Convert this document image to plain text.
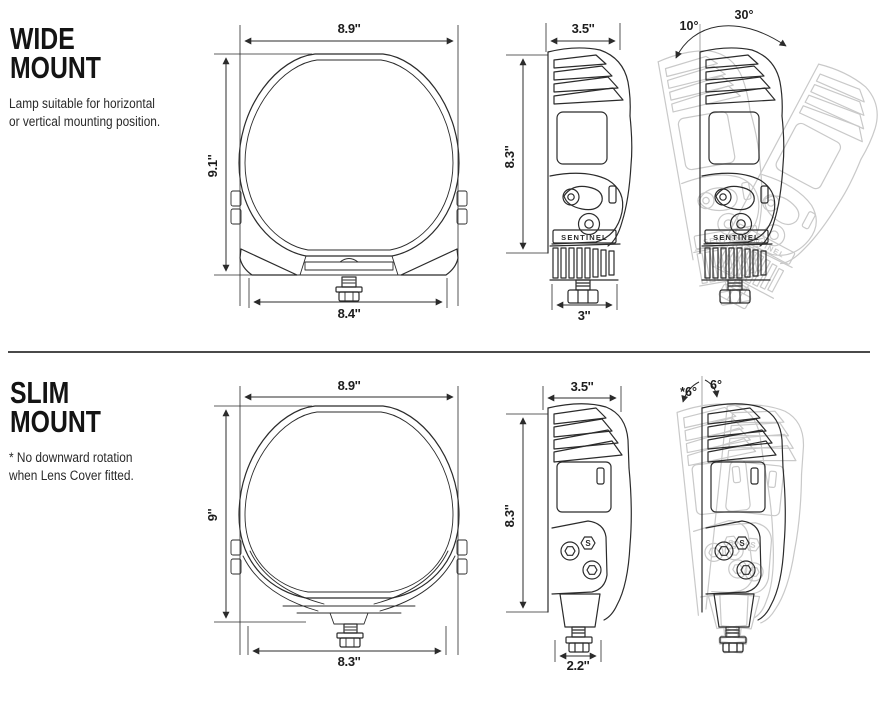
WIDE
MOUNT
Lamp suitable for horizontal
or vertical mounting position.
SLIM
MOUNT
* No downward rotation
when Lens Cover fitted.
8.9''
9.1''
8.4''
3.5''
8.3''
3''
10°
30°
8.9''
9''
8.3''
3.5''
8.3''
2.2''
*6° 6°
